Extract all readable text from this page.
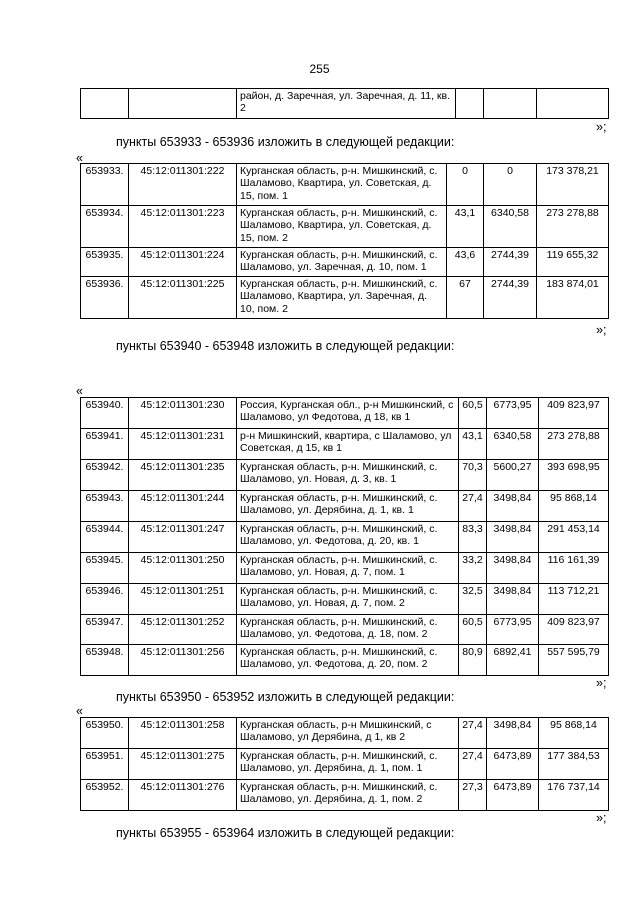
255
		район, д. Заречная, ул. Заречная, д. 11, кв. 2			
»;
пункты 653933 - 653936 изложить в следующей редакции:
«
653933.	45:12:011301:222	Курганская область, р-н. Мишкинский, с. Шаламово, Квартира, ул. Советская, д. 15, пом. 1	0	0	173 378,21
653934.	45:12:011301:223	Курганская область, р-н. Мишкинский, с. Шаламово, Квартира, ул. Советская, д. 15, пом. 2	43,1	6340,58	273 278,88
653935.	45:12:011301:224	Курганская область, р-н. Мишкинский, с. Шаламово, ул. Заречная, д. 10, пом. 1	43,6	2744,39	119 655,32
653936.	45:12:011301:225	Курганская область, р-н. Мишкинский, с. Шаламово, Квартира, ул. Заречная, д. 10, пом. 2	67	2744,39	183 874,01
»;
пункты 653940 - 653948 изложить в следующей редакции:
«
653940.	45:12:011301:230	Россия, Курганская обл., р-н Мишкинский, с Шаламово, ул Федотова, д 18, кв 1	60,5	6773,95	409 823,97
653941.	45:12:011301:231	р-н Мишкинский, квартира, с Шаламово, ул Советская, д 15, кв 1	43,1	6340,58	273 278,88
653942.	45:12:011301:235	Курганская область, р-н. Мишкинский, с. Шаламово, ул. Новая, д. 3, кв. 1	70,3	5600,27	393 698,95
653943.	45:12:011301:244	Курганская область, р-н. Мишкинский, с. Шаламово, ул. Дерябина, д. 1, кв. 1	27,4	3498,84	95 868,14
653944.	45:12:011301:247	Курганская область, р-н. Мишкинский, с. Шаламово, ул. Федотова, д. 20, кв. 1	83,3	3498,84	291 453,14
653945.	45:12:011301:250	Курганская область, р-н. Мишкинский, с. Шаламово, ул. Новая, д. 7, пом. 1	33,2	3498,84	116 161,39
653946.	45:12:011301:251	Курганская область, р-н. Мишкинский, с. Шаламово, ул. Новая, д. 7, пом. 2	32,5	3498,84	113 712,21
653947.	45:12:011301:252	Курганская область, р-н. Мишкинский, с. Шаламово, ул. Федотова, д. 18, пом. 2	60,5	6773,95	409 823,97
653948.	45:12:011301:256	Курганская область, р-н. Мишкинский, с. Шаламово, ул. Федотова, д. 20, пом. 2	80,9	6892,41	557 595,79
»;
пункты 653950 - 653952 изложить в следующей редакции:
«
653950.	45:12:011301:258	Курганская область, р-н Мишкинский, с Шаламово, ул Дерябина, д 1, кв 2	27,4	3498,84	95 868,14
653951.	45:12:011301:275	Курганская область, р-н. Мишкинский, с. Шаламово, ул. Дерябина, д. 1, пом. 1	27,4	6473,89	177 384,53
653952.	45:12:011301:276	Курганская область, р-н. Мишкинский, с. Шаламово, ул. Дерябина, д. 1, пом. 2	27,3	6473,89	176 737,14
»;
пункты 653955 - 653964 изложить в следующей редакции:
